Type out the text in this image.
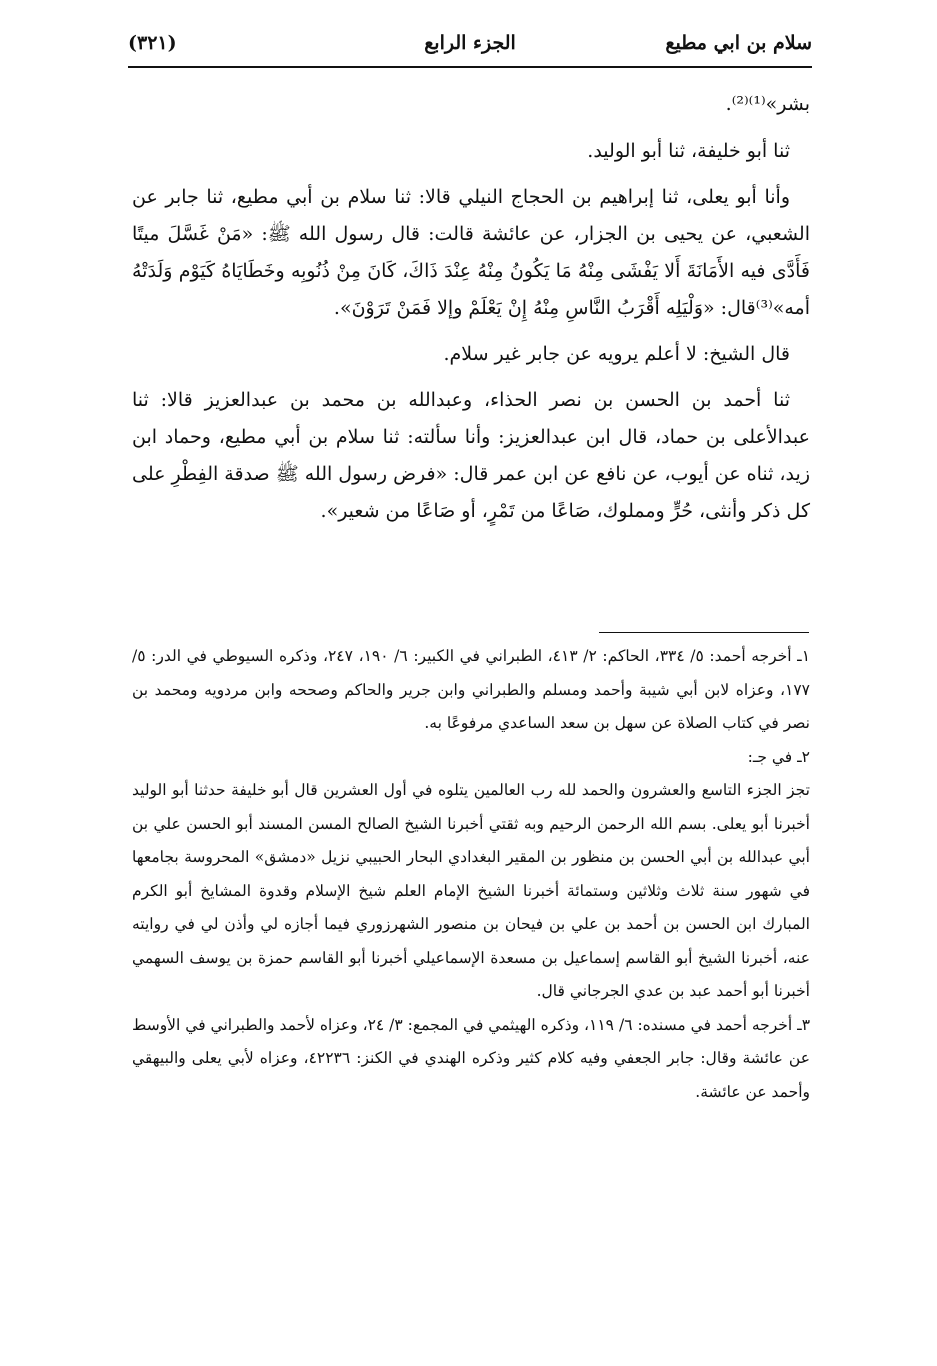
سلام بن ابي مطيع
الجزء الرابع
(٣٢١)

بشر»⁽¹⁾⁽²⁾.

ثنا أبو خليفة، ثنا أبو الوليد.

وأنا أبو يعلى، ثنا إبراهيم بن الحجاج النيلي قالا: ثنا سلام بن أبي مطيع، ثنا جابر عن الشعبي، عن يحيى بن الجزار، عن عائشة قالت: قال رسول الله ﷺ: «مَنْ غَسَّلَ ميتًا فَأَدَّى فيه الأَمَانَةَ أَلا يَفْشَى مِنْهُ مَا يَكُونُ مِنْهُ عِنْدَ ذَاكَ، كَانَ مِنْ ذُنُوبِه وخَطَايَاهُ كَيَوْم وَلَدَتْهُ أمه»⁽³⁾قال: «وَلْيَلِه أَقْرَبُ النَّاسِ مِنْهُ إِنْ يَعْلَمْ وإلا فَمَنْ تَرَوْنَ».

قال الشيخ: لا أعلم يرويه عن جابر غير سلام.

ثنا أحمد بن الحسن بن نصر الحذاء، وعبدالله بن محمد بن عبدالعزيز قالا: ثنا عبدالأعلى بن حماد، قال ابن عبدالعزيز: وأنا سألته: ثنا سلام بن أبي مطيع، وحماد ابن زيد، ثناه عن أيوب، عن نافع عن ابن عمر قال: «فرض رسول الله ﷺ صدقة الفِطْرِ على كل ذكر وأنثى، حُرٍّ ومملوك، صَاعًا من تَمْرٍ، أو صَاعًا من شعير».

١ـ أخرجه أحمد: ٥/ ٣٣٤، الحاكم: ٢/ ٤١٣، الطبراني في الكبير: ٦/ ١٩٠، ٢٤٧، وذكره السيوطي في الدر: ٥/ ١٧٧، وعزاه لابن أبي شيبة وأحمد ومسلم والطبراني وابن جرير والحاكم وصححه وابن مردويه ومحمد بن نصر في كتاب الصلاة عن سهل بن سعد الساعدي مرفوعًا به.

٢ـ في جـ:

تجز الجزء التاسع والعشرون والحمد لله رب العالمين يتلوه في أول العشرين قال أبو خليفة حدثنا أبو الوليد أخبرنا أبو يعلى. بسم الله الرحمن الرحيم وبه ثقتي أخبرنا الشيخ الصالح المسن المسند أبو الحسن علي بن أبي عبدالله بن أبي الحسن بن منظور بن المقير البغدادي البحار الحبيبي نزيل «دمشق» المحروسة بجامعها في شهور سنة ثلاث وثلاثين وستمائة أخبرنا الشيخ الإمام العلم شيخ الإسلام وقدوة المشايخ أبو الكرم المبارك ابن الحسن بن أحمد بن علي بن فيحان بن منصور الشهرزوري فيما أجازه لي وأذن لي في روايته عنه، أخبرنا الشيخ أبو القاسم إسماعيل بن مسعدة الإسماعيلي أخبرنا أبو القاسم حمزة بن يوسف السهمي أخبرنا أبو أحمد عبد بن عدي الجرجاني قال.

٣ـ أخرجه أحمد في مسنده: ٦/ ١١٩، وذكره الهيثمي في المجمع: ٣/ ٢٤، وعزاه لأحمد والطبراني في الأوسط عن عائشة وقال: جابر الجعفي وفيه كلام كثير وذكره الهندي في الكنز: ٤٢٢٣٦، وعزاه لأبي يعلى والبيهقي وأحمد عن عائشة.
